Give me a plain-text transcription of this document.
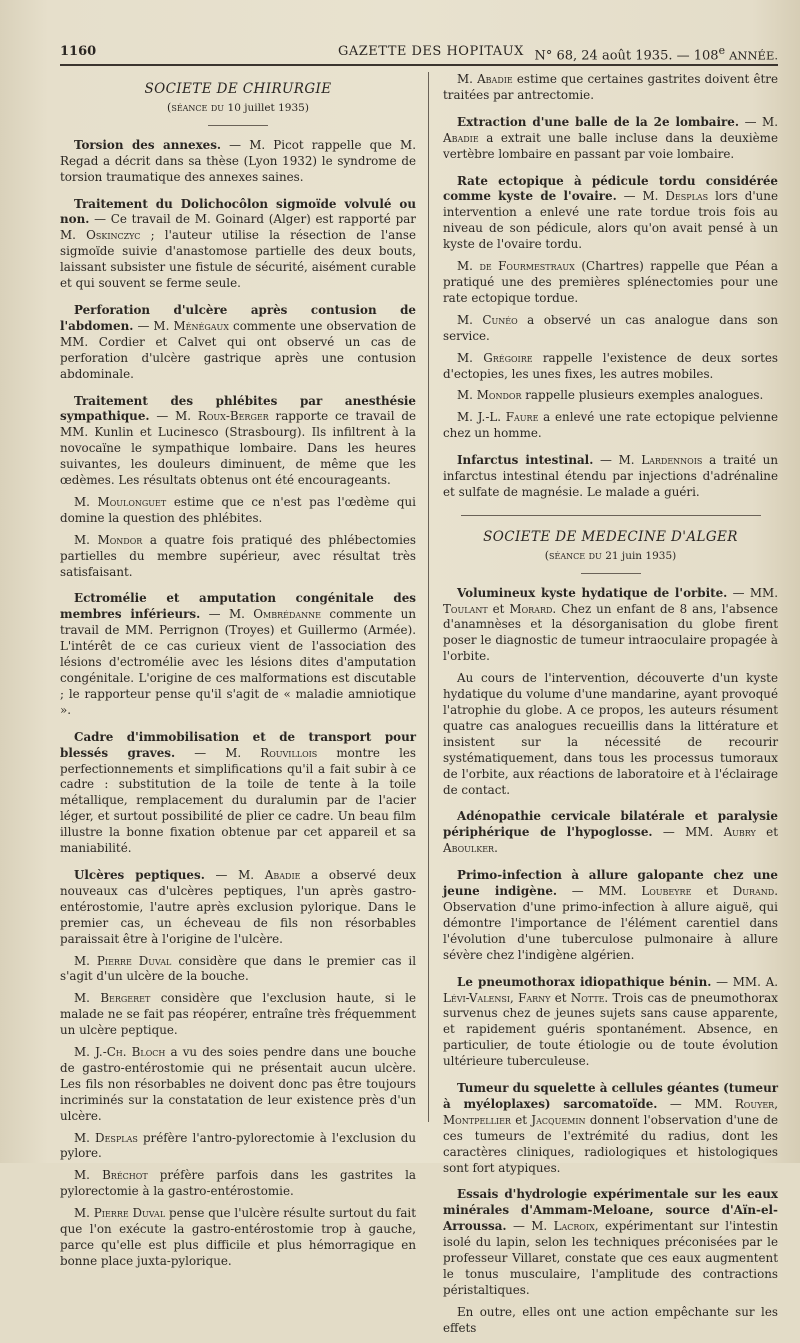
1160	GAZETTE DES HOPITAUX N° 68, 24 août 1935. — 108e ANNÉE.
SOCIETE DE CHIRURGIE
(séance du 10 juillet 1935)

Torsion des annexes. — M. Picot rappelle que M. Regad a décrit dans sa thèse (Lyon 1932) le syndrome de torsion traumatique des annexes saines.

Traitement du Dolichocôlon sigmoïde volvulé ou non. — Ce travail de M. Goinard (Alger) est rapporté par M. Oskinczyc ; l'auteur utilise la résection de l'anse sigmoïde suivie d'anastomose partielle des deux bouts, laissant subsister une fistule de sécurité, aisément curable et qui souvent se ferme seule.

Perforation d'ulcère après contusion de l'abdomen. — M. Ménégaux commente une observation de MM. Cordier et Calvet qui ont observé un cas de perforation d'ulcère gastrique après une contusion abdominale.

Traitement des phlébites par anesthésie sympathique. — M. Roux-Berger rapporte ce travail de MM. Kunlin et Lucinesco (Strasbourg). Ils infiltrent à la novocaïne le sympathique lombaire. Dans les heures suivantes, les douleurs diminuent, de même que les œdèmes. Les résultats obtenus ont été encourageants.

M. Moulonguet estime que ce n'est pas l'œdème qui domine la question des phlébites.

M. Mondor a quatre fois pratiqué des phlébectomies partielles du membre supérieur, avec résultat très satisfaisant.

Ectromélie et amputation congénitale des membres inférieurs. — M. Ombrédanne commente un travail de MM. Perrignon (Troyes) et Guillermo (Armée). L'intérêt de ce cas curieux vient de l'association des lésions d'ectromélie avec les lésions dites d'amputation congénitale. L'origine de ces malformations est discutable ; le rapporteur pense qu'il s'agit de « maladie amniotique ».

Cadre d'immobilisation et de transport pour blessés graves. — M. Rouvillois montre les perfectionnements et simplifications qu'il a fait subir à ce cadre : substitution de la toile de tente à la toile métallique, remplacement du duralumin par de l'acier léger, et surtout possibilité de plier ce cadre. Un beau film illustre la bonne fixation obtenue par cet appareil et sa maniabilité.

Ulcères peptiques. — M. Abadie a observé deux nouveaux cas d'ulcères peptiques, l'un après gastro-entérostomie, l'autre après exclusion pylorique. Dans le premier cas, un écheveau de fils non résorbables paraissait être à l'origine de l'ulcère.

M. Pierre Duval considère que dans le premier cas il s'agit d'un ulcère de la bouche.

M. Bergeret considère que l'exclusion haute, si le malade ne se fait pas réopérer, entraîne très fréquemment un ulcère peptique.

M. J.-Ch. Bloch a vu des soies pendre dans une bouche de gastro-entérostomie qui ne présentait aucun ulcère. Les fils non résorbables ne doivent donc pas être toujours incriminés sur la constatation de leur existence près d'un ulcère.

M. Desplas préfère l'antro-pylorectomie à l'exclusion du pylore.

M. Bréchot préfère parfois dans les gastrites la pylorectomie à la gastro-entérostomie.

M. Pierre Duval pense que l'ulcère résulte surtout du fait que l'on exécute la gastro-entérostomie trop à gauche, parce qu'elle est plus difficile et plus hémorragique en bonne place juxta-pylorique.

M. Abadie estime que certaines gastrites doivent être traitées par antrectomie.

Extraction d'une balle de la 2e lombaire. — M. Abadie a extrait une balle incluse dans la deuxième vertèbre lombaire en passant par voie lombaire.

Rate ectopique à pédicule tordu considérée comme kyste de l'ovaire. — M. Desplas lors d'une intervention a enlevé une rate tordue trois fois au niveau de son pédicule, alors qu'on avait pensé à un kyste de l'ovaire tordu.

M. de Fourmestraux (Chartres) rappelle que Péan a pratiqué une des premières splénectomies pour une rate ectopique tordue.

M. Cunéo a observé un cas analogue dans son service.

M. Grégoire rappelle l'existence de deux sortes d'ectopies, les unes fixes, les autres mobiles.

M. Mondor rappelle plusieurs exemples analogues.

M. J.-L. Faure a enlevé une rate ectopique pelvienne chez un homme.

Infarctus intestinal. — M. Lardennois a traité un infarctus intestinal étendu par injections d'adrénaline et sulfate de magnésie. Le malade a guéri.

SOCIETE DE MEDECINE D'ALGER
(séance du 21 juin 1935)

Volumineux kyste hydatique de l'orbite. — MM. Toulant et Morard. Chez un enfant de 8 ans, l'absence d'anamnèses et la désorganisation du globe firent poser le diagnostic de tumeur intraoculaire propagée à l'orbite.

Au cours de l'intervention, découverte d'un kyste hydatique du volume d'une mandarine, ayant provoqué l'atrophie du globe. A ce propos, les auteurs résument quatre cas analogues recueillis dans la littérature et insistent sur la nécessité de recourir systématiquement, dans tous les processus tumoraux de l'orbite, aux réactions de laboratoire et à l'éclairage de contact.

Adénopathie cervicale bilatérale et paralysie périphérique de l'hypoglosse. — MM. Aubry et Aboulker.

Primo-infection à allure galopante chez une jeune indigène. — MM. Loubeyre et Durand. Observation d'une primo-infection à allure aiguë, qui démontre l'importance de l'élément carentiel dans l'évolution d'une tuberculose pulmonaire à allure sévère chez l'indigène algérien.

Le pneumothorax idiopathique bénin. — MM. A. Lévi-Valensi, Farny et Notte. Trois cas de pneumothorax survenus chez de jeunes sujets sans cause apparente, et rapidement guéris spontanément. Absence, en particulier, de toute étiologie ou de toute évolution ultérieure tuberculeuse.

Tumeur du squelette à cellules géantes (tumeur à myéloplaxes) sarcomatoïde. — MM. Rouyer, Montpellier et Jacquemin donnent l'observation d'une de ces tumeurs de l'extrémité du radius, dont les caractères cliniques, radiologiques et histologiques sont fort atypiques.

Essais d'hydrologie expérimentale sur les eaux minérales d'Ammam-Meloane, source d'Aïn-el-Arroussa. — M. Lacroix, expérimentant sur l'intestin isolé du lapin, selon les techniques préconisées par le professeur Villaret, constate que ces eaux augmentent le tonus musculaire, l'amplitude des contractions péristaltiques.

En outre, elles ont une action empêchante sur les effets
